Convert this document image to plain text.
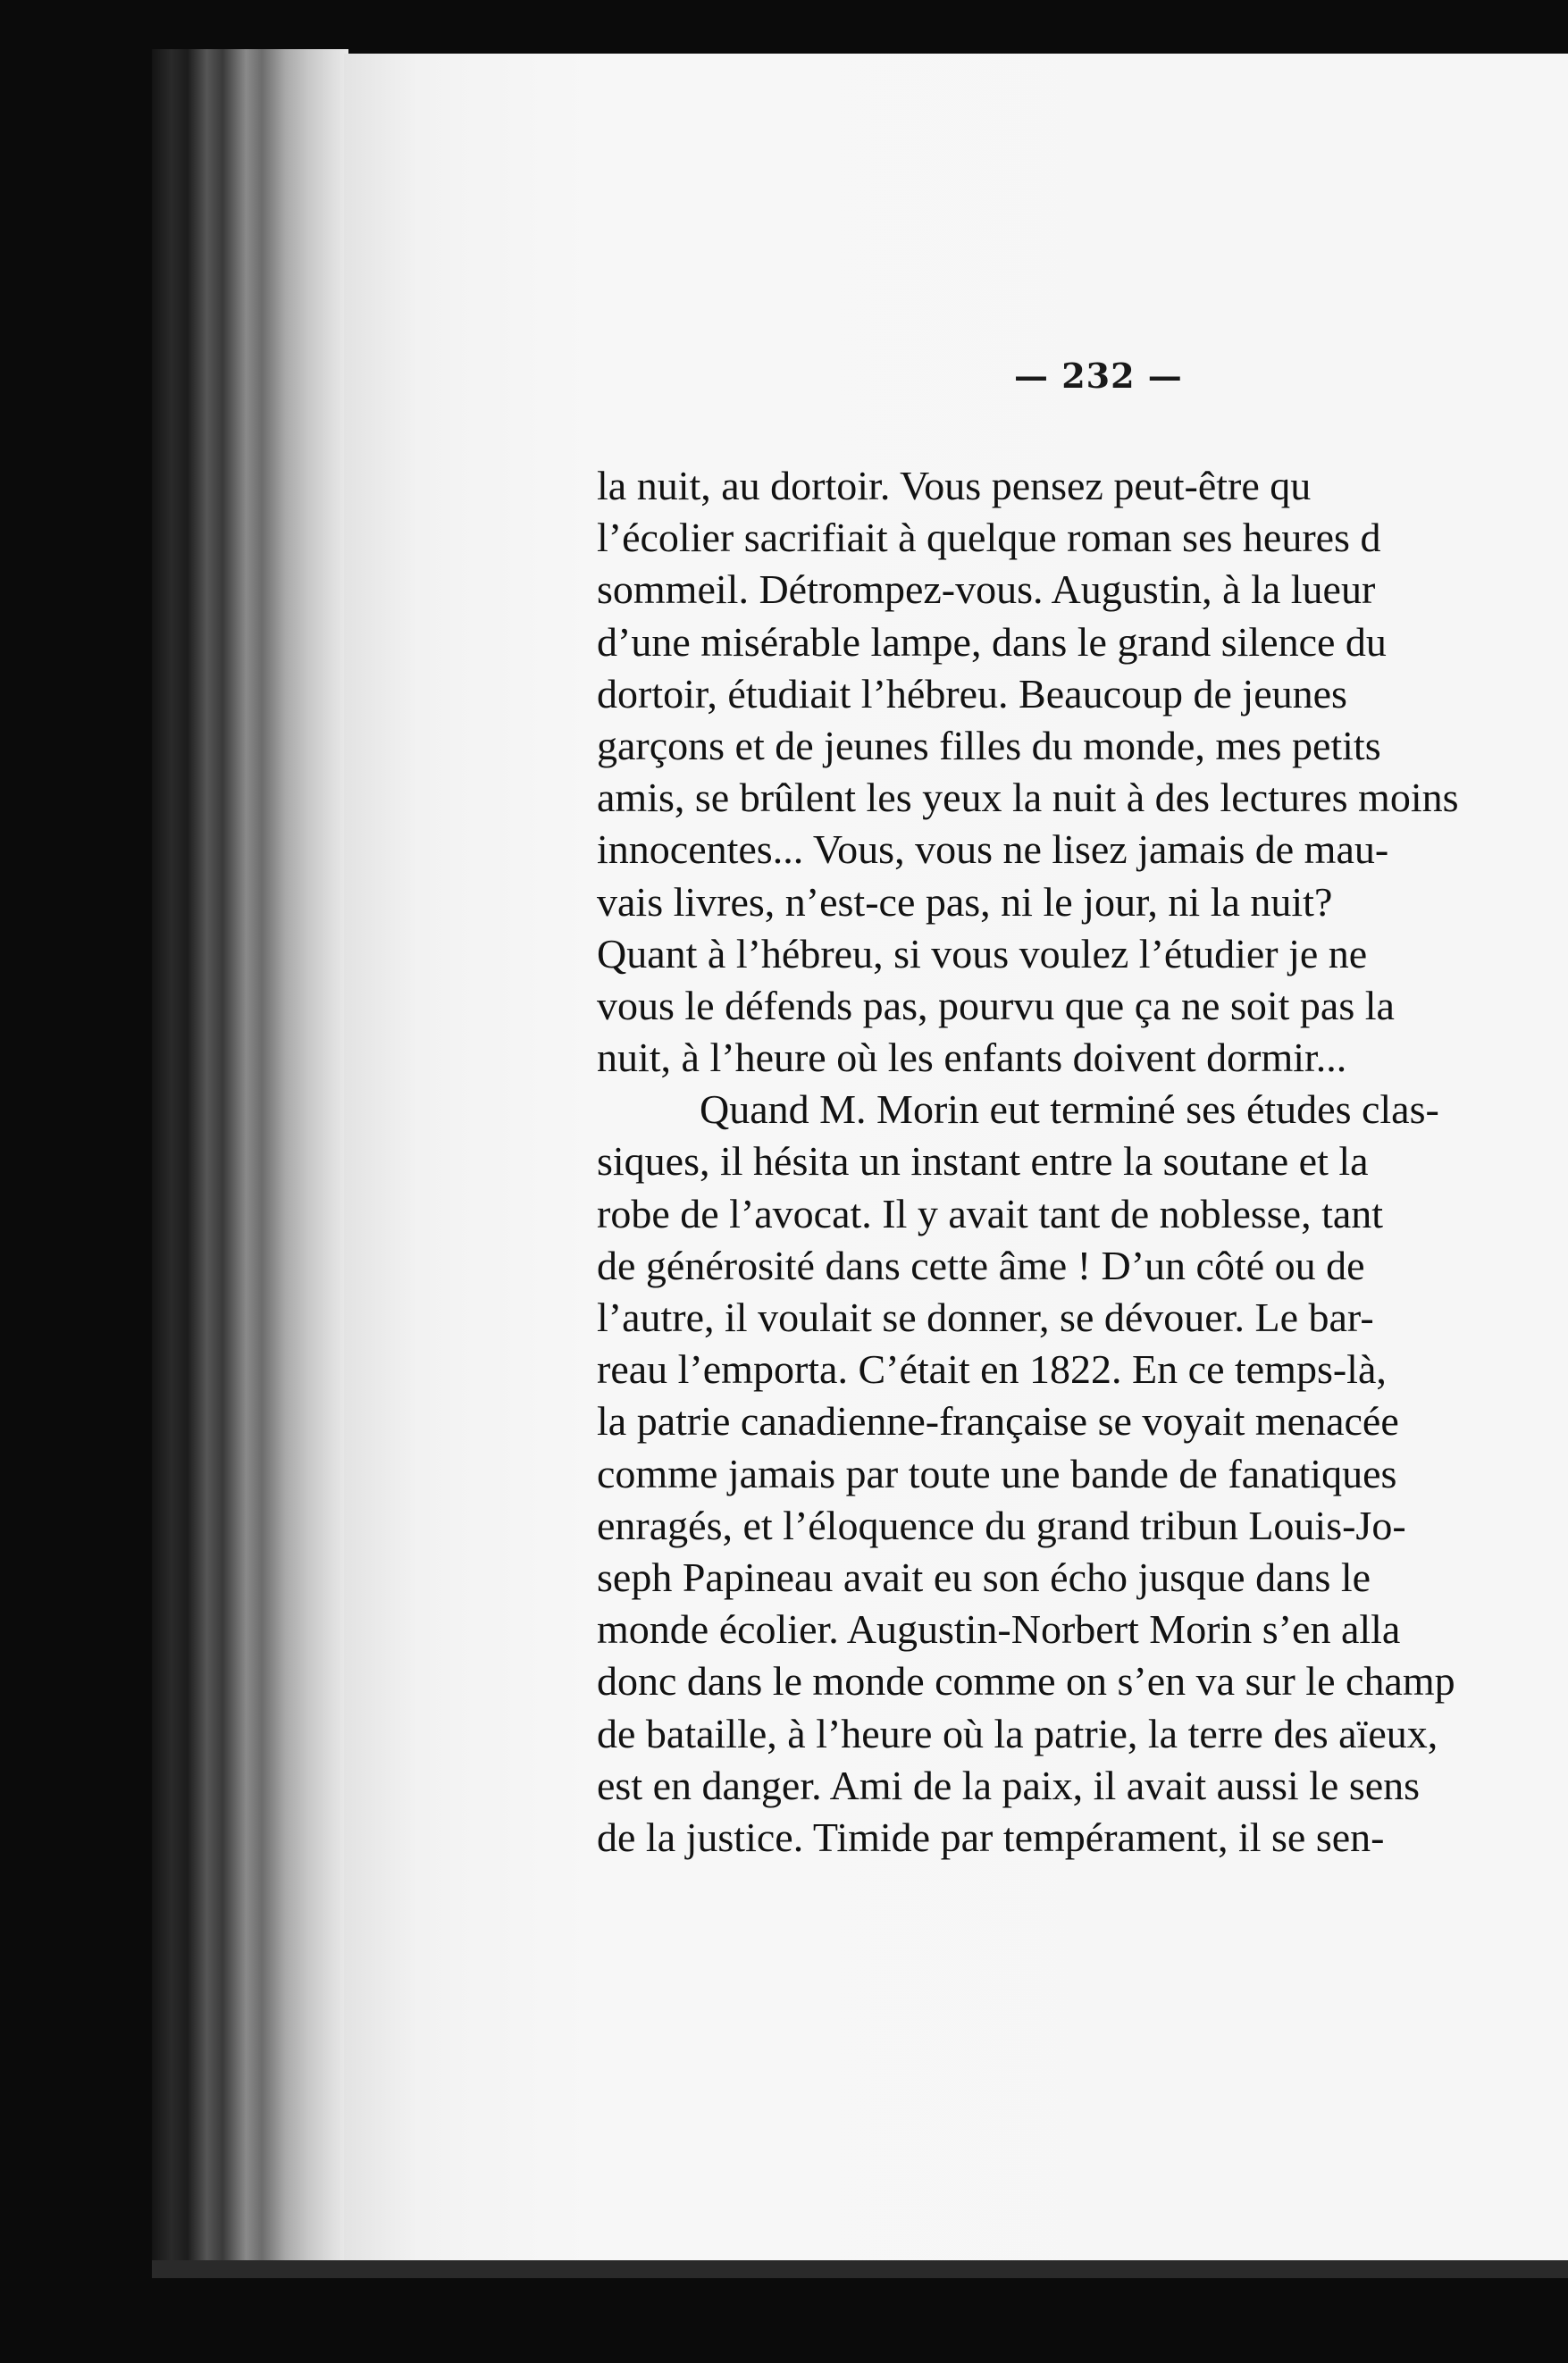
— 232 —
la nuit, au dortoir. Vous pensez peut-être qu
l’écolier sacrifiait à quelque roman ses heures d
sommeil. Détrompez-vous. Augustin, à la lueur
d’une misérable lampe, dans le grand silence du
dortoir, étudiait l’hébreu. Beaucoup de jeunes
garçons et de jeunes filles du monde, mes petits
amis, se brûlent les yeux la nuit à des lectures moins
innocentes... Vous, vous ne lisez jamais de mau-
vais livres, n’est-ce pas, ni le jour, ni la nuit?
Quant à l’hébreu, si vous voulez l’étudier je ne
vous le défends pas, pourvu que ça ne soit pas la
nuit, à l’heure où les enfants doivent dormir...
Quand M. Morin eut terminé ses études clas-
siques, il hésita un instant entre la soutane et la
robe de l’avocat. Il y avait tant de noblesse, tant
de générosité dans cette âme ! D’un côté ou de
l’autre, il voulait se donner, se dévouer. Le bar-
reau l’emporta. C’était en 1822. En ce temps-là,
la patrie canadienne-française se voyait menacée
comme jamais par toute une bande de fanatiques
enragés, et l’éloquence du grand tribun Louis-Jo-
seph Papineau avait eu son écho jusque dans le
monde écolier. Augustin-Norbert Morin s’en alla
donc dans le monde comme on s’en va sur le champ
de bataille, à l’heure où la patrie, la terre des aïeux,
est en danger. Ami de la paix, il avait aussi le sens
de la justice. Timide par tempérament, il se sen-
